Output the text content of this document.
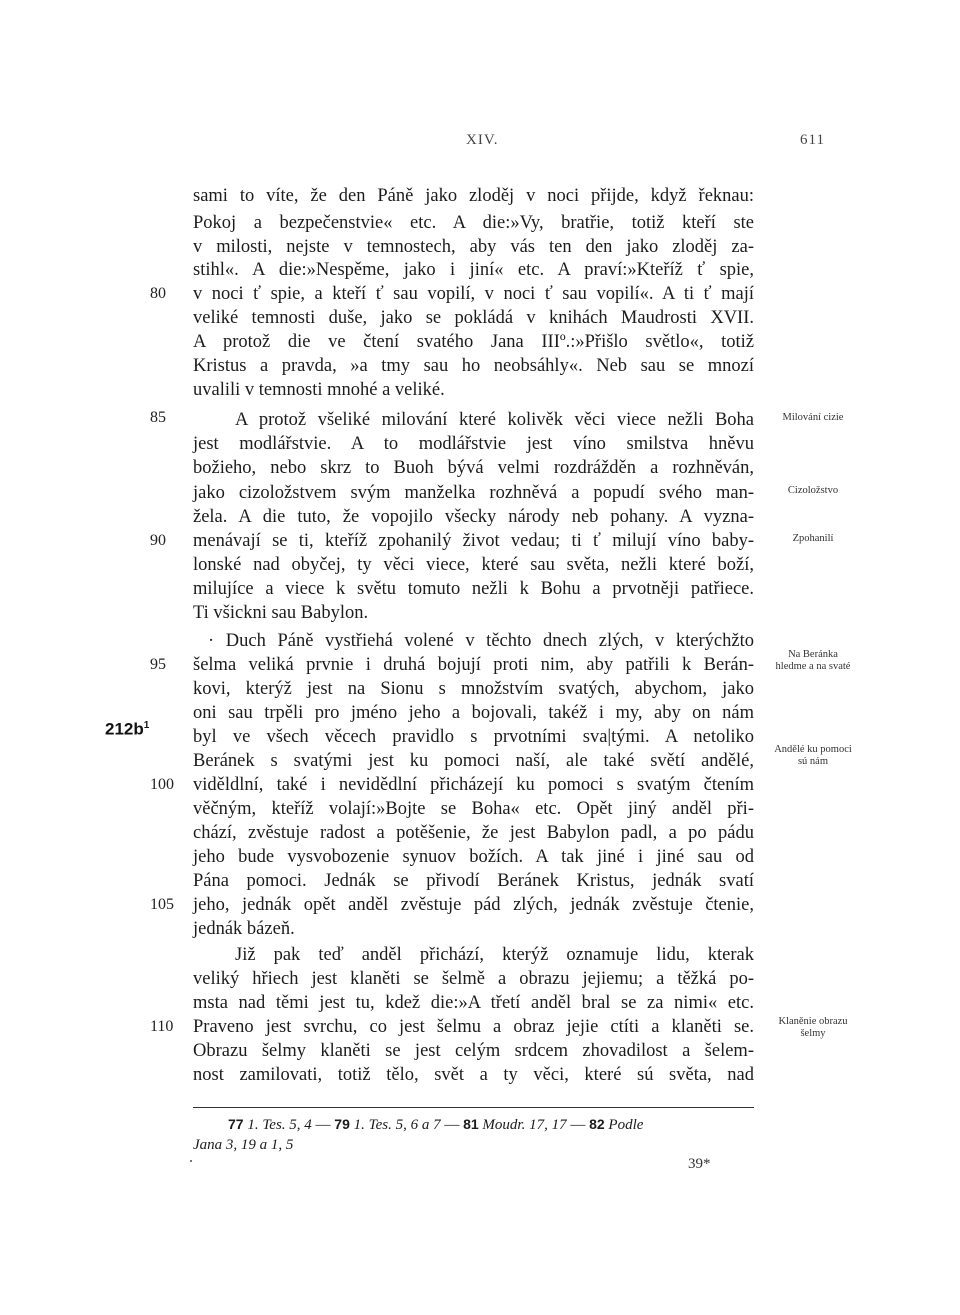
XIV.	611
$212b^1$
sami to víte, že den Páně jako zloděj v noci přijde, když řeknau:
Pokoj a bezpečenstvie« etc. A die:»Vy, bratřie, totiž kteří ste
v milosti, nejste v temnostech, aby vás ten den jako zloděj za-
stihl«. A die:»Nespěme, jako i jiní« etc. A praví:»Kteříž ť spie,
v noci ť spie, a kteří ť sau vopilí, v noci ť sau vopilí«. A ti ť mají
veliké temnosti duše, jako se pokládá v knihách Maudrosti XVII.
A protož die ve čtení svatého Jana IIIº.:»Přišlo světlo«, totiž
Kristus a pravda, »a tmy sau ho neobsáhly«. Neb sau se mnozí
uvalili v temnosti mnohé a veliké.
A protož všeliké milování které kolivěk věci viece nežli Boha
jest modlářstvie. A to modlářstvie jest víno smilstva hněvu
božieho, nebo skrz to Buoh bývá velmi rozdrážděn a rozhněván,
jako cizoložstvem svým manželka rozhněvá a popudí svého man-
žela. A die tuto, že vopojilo všecky národy neb pohany. A vyzna-
menávají se ti, kteříž zpohanilý život vedau; ti ť milují víno baby-
lonské nad obyčej, ty věci viece, které sau světa, nežli které boží,
milujíce a viece k světu tomuto nežli k Bohu a prvotněji patřiece.
Ti všickni sau Babylon.
· Duch Páně vystřiehá volené v těchto dnech zlých, v kterýchžto
šelma veliká prvnie i druhá bojují proti nim, aby patřili k Berán-
kovi, kterýž jest na Sionu s množstvím svatých, abychom, jako
oni sau trpěli pro jméno jeho a bojovali, takéž i my, aby on nám
byl ve všech věcech pravidlo s prvotními sva|tými. A netoliko
Beránek s svatými jest ku pomoci naší, ale také světí andělé,
viděldlní, také i nevidědlní přicházejí ku pomoci s svatým čtením
věčným, kteříž volají:»Bojte se Boha« etc. Opět jiný anděl při-
chází, zvěstuje radost a potěšenie, že jest Babylon padl, a po pádu
jeho bude vysvobozenie synuov božích. A tak jiné i jiné sau od
Pána pomoci. Jednák se přivodí Beránek Kristus, jednák svatí
jeho, jednák opět anděl zvěstuje pád zlých, jednák zvěstuje čtenie,
jednák bázeň.
Již pak teď anděl přichází, kterýž oznamuje lidu, kterak
veliký hřiech jest klaněti se šelmě a obrazu jejiemu; a těžká po-
msta nad těmi jest tu, kdež die:»A třetí anděl bral se za nimi« etc.
Praveno jest svrchu, co jest šelmu a obraz jejie ctíti a klaněti se.
Obrazu šelmy klaněti se jest celým srdcem zhovadilost a šelem-
nost zamilovati, totiž tělo, svět a ty věci, které sú světa, nad
80
85
90
95
100
105
110
Milování cizie
Cizoložstvo
Zpohanilí
Na Beránka
hledme a na svaté
Andělé ku pomoci
sú nám
Klaněnie obrazu
šelmy
77 1. Tes. 5, 4 — 79 1. Tes. 5, 6 a 7 — 81 Moudr. 17, 17 — 82 Podle
Jana 3, 19 a 1, 5
39*
